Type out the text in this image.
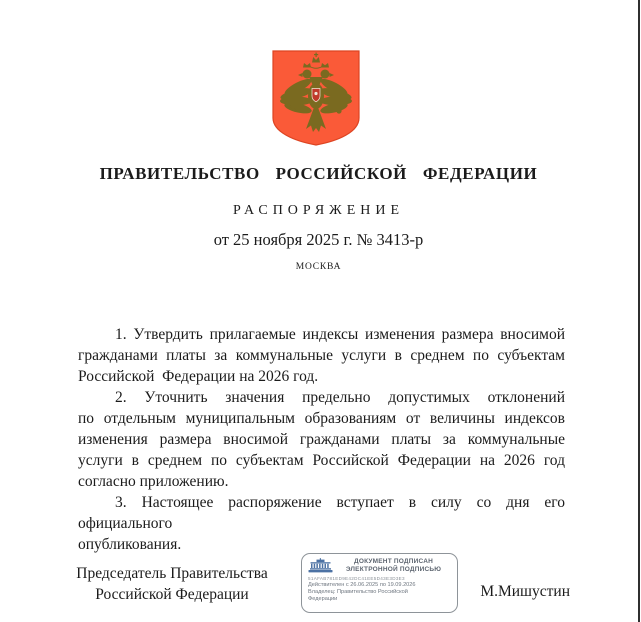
ПРАВИТЕЛЬСТВО РОССИЙСКОЙ ФЕДЕРАЦИИ
РАСПОРЯЖЕНИЕ
от 25 ноября 2025 г. № 3413-р
МОСКВА

1. Утвердить прилагаемые индексы изменения размера вносимой
гражданами платы за коммунальные услуги в среднем по субъектам
Российской  Федерации на 2026 год.

2. Уточнить значения предельно допустимых отклонений
по отдельным муниципальным образованиям от величины индексов
изменения размера вносимой гражданами платы за коммунальные
услуги в среднем по субъектам Российской Федерации на 2026 год
согласно приложению.

3. Настоящее распоряжение вступает в силу со дня его официального
опубликования.

Председатель Правительства
Российской Федерации
ДОКУМЕНТ ПОДПИСАН
ЭЛЕКТРОННОЙ ПОДПИСЬЮ
51AFAB781ED9E42DC41EE5D43E3D3E3
Действителен с 26.06.2025 по 19.09.2026
Владелец: Правительство Российской Федерации	М.Мишустин
